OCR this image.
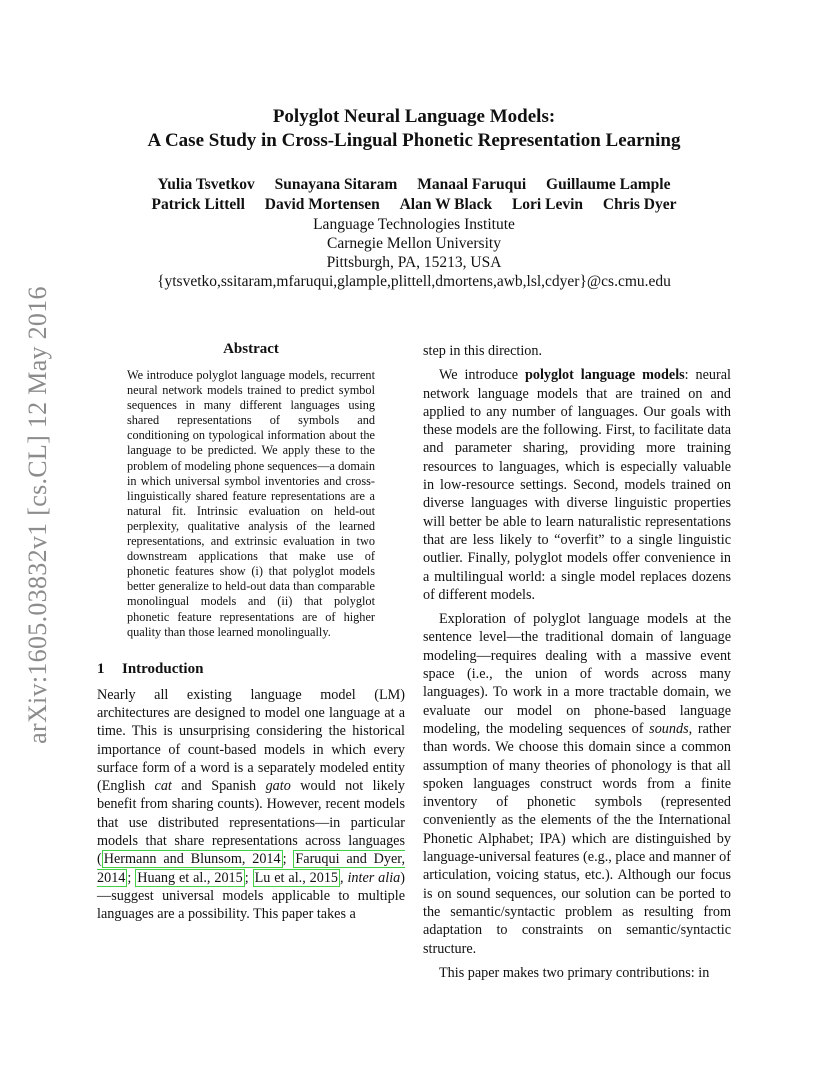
arXiv:1605.03832v1 [cs.CL] 12 May 2016
Polyglot Neural Language Models:
A Case Study in Cross-Lingual Phonetic Representation Learning
Yulia Tsvetkov Sunayana Sitaram Manaal Faruqui Guillaume Lample
Patrick Littell David Mortensen Alan W Black Lori Levin Chris Dyer
Language Technologies Institute
Carnegie Mellon University
Pittsburgh, PA, 15213, USA
{ytsvetko,ssitaram,mfaruqui,glample,plittell,dmortens,awb,lsl,cdyer}@cs.cmu.edu
Abstract

We introduce polyglot language models, recurrent neural network models trained to predict symbol sequences in many different languages using shared representations of symbols and conditioning on typological information about the language to be predicted. We apply these to the problem of modeling phone sequences—a domain in which universal symbol inventories and cross-linguistically shared feature representations are a natural fit. Intrinsic evaluation on held-out perplexity, qualitative analysis of the learned representations, and extrinsic evaluation in two downstream applications that make use of phonetic features show (i) that polyglot models better generalize to held-out data than comparable monolingual models and (ii) that polyglot phonetic feature representations are of higher quality than those learned monolingually.

1 Introduction

Nearly all existing language model (LM) architectures are designed to model one language at a time. This is unsurprising considering the historical importance of count-based models in which every surface form of a word is a separately modeled entity (English cat and Spanish gato would not likely benefit from sharing counts). However, recent models that use distributed representations—in particular models that share representations across languages ( Hermann and Blunsom, 2014 ; Faruqui and Dyer, 2014 ; Huang et al., 2015 ; Lu et al., 2015 , inter alia)—suggest universal models applicable to multiple languages are a possibility. This paper takes a

step in this direction.

We introduce polyglot language models: neural network language models that are trained on and applied to any number of languages. Our goals with these models are the following. First, to facilitate data and parameter sharing, providing more training resources to languages, which is especially valuable in low-resource settings. Second, models trained on diverse languages with diverse linguistic properties will better be able to learn naturalistic representations that are less likely to “overfit” to a single linguistic outlier. Finally, polyglot models offer convenience in a multilingual world: a single model replaces dozens of different models.

Exploration of polyglot language models at the sentence level—the traditional domain of language modeling—requires dealing with a massive event space (i.e., the union of words across many languages). To work in a more tractable domain, we evaluate our model on phone-based language modeling, the modeling sequences of sounds, rather than words. We choose this domain since a common assumption of many theories of phonology is that all spoken languages construct words from a finite inventory of phonetic symbols (represented conveniently as the elements of the the International Phonetic Alphabet; IPA) which are distinguished by language-universal features (e.g., place and manner of articulation, voicing status, etc.). Although our focus is on sound sequences, our solution can be ported to the semantic/syntactic problem as resulting from adaptation to constraints on semantic/syntactic structure.

This paper makes two primary contributions: in
